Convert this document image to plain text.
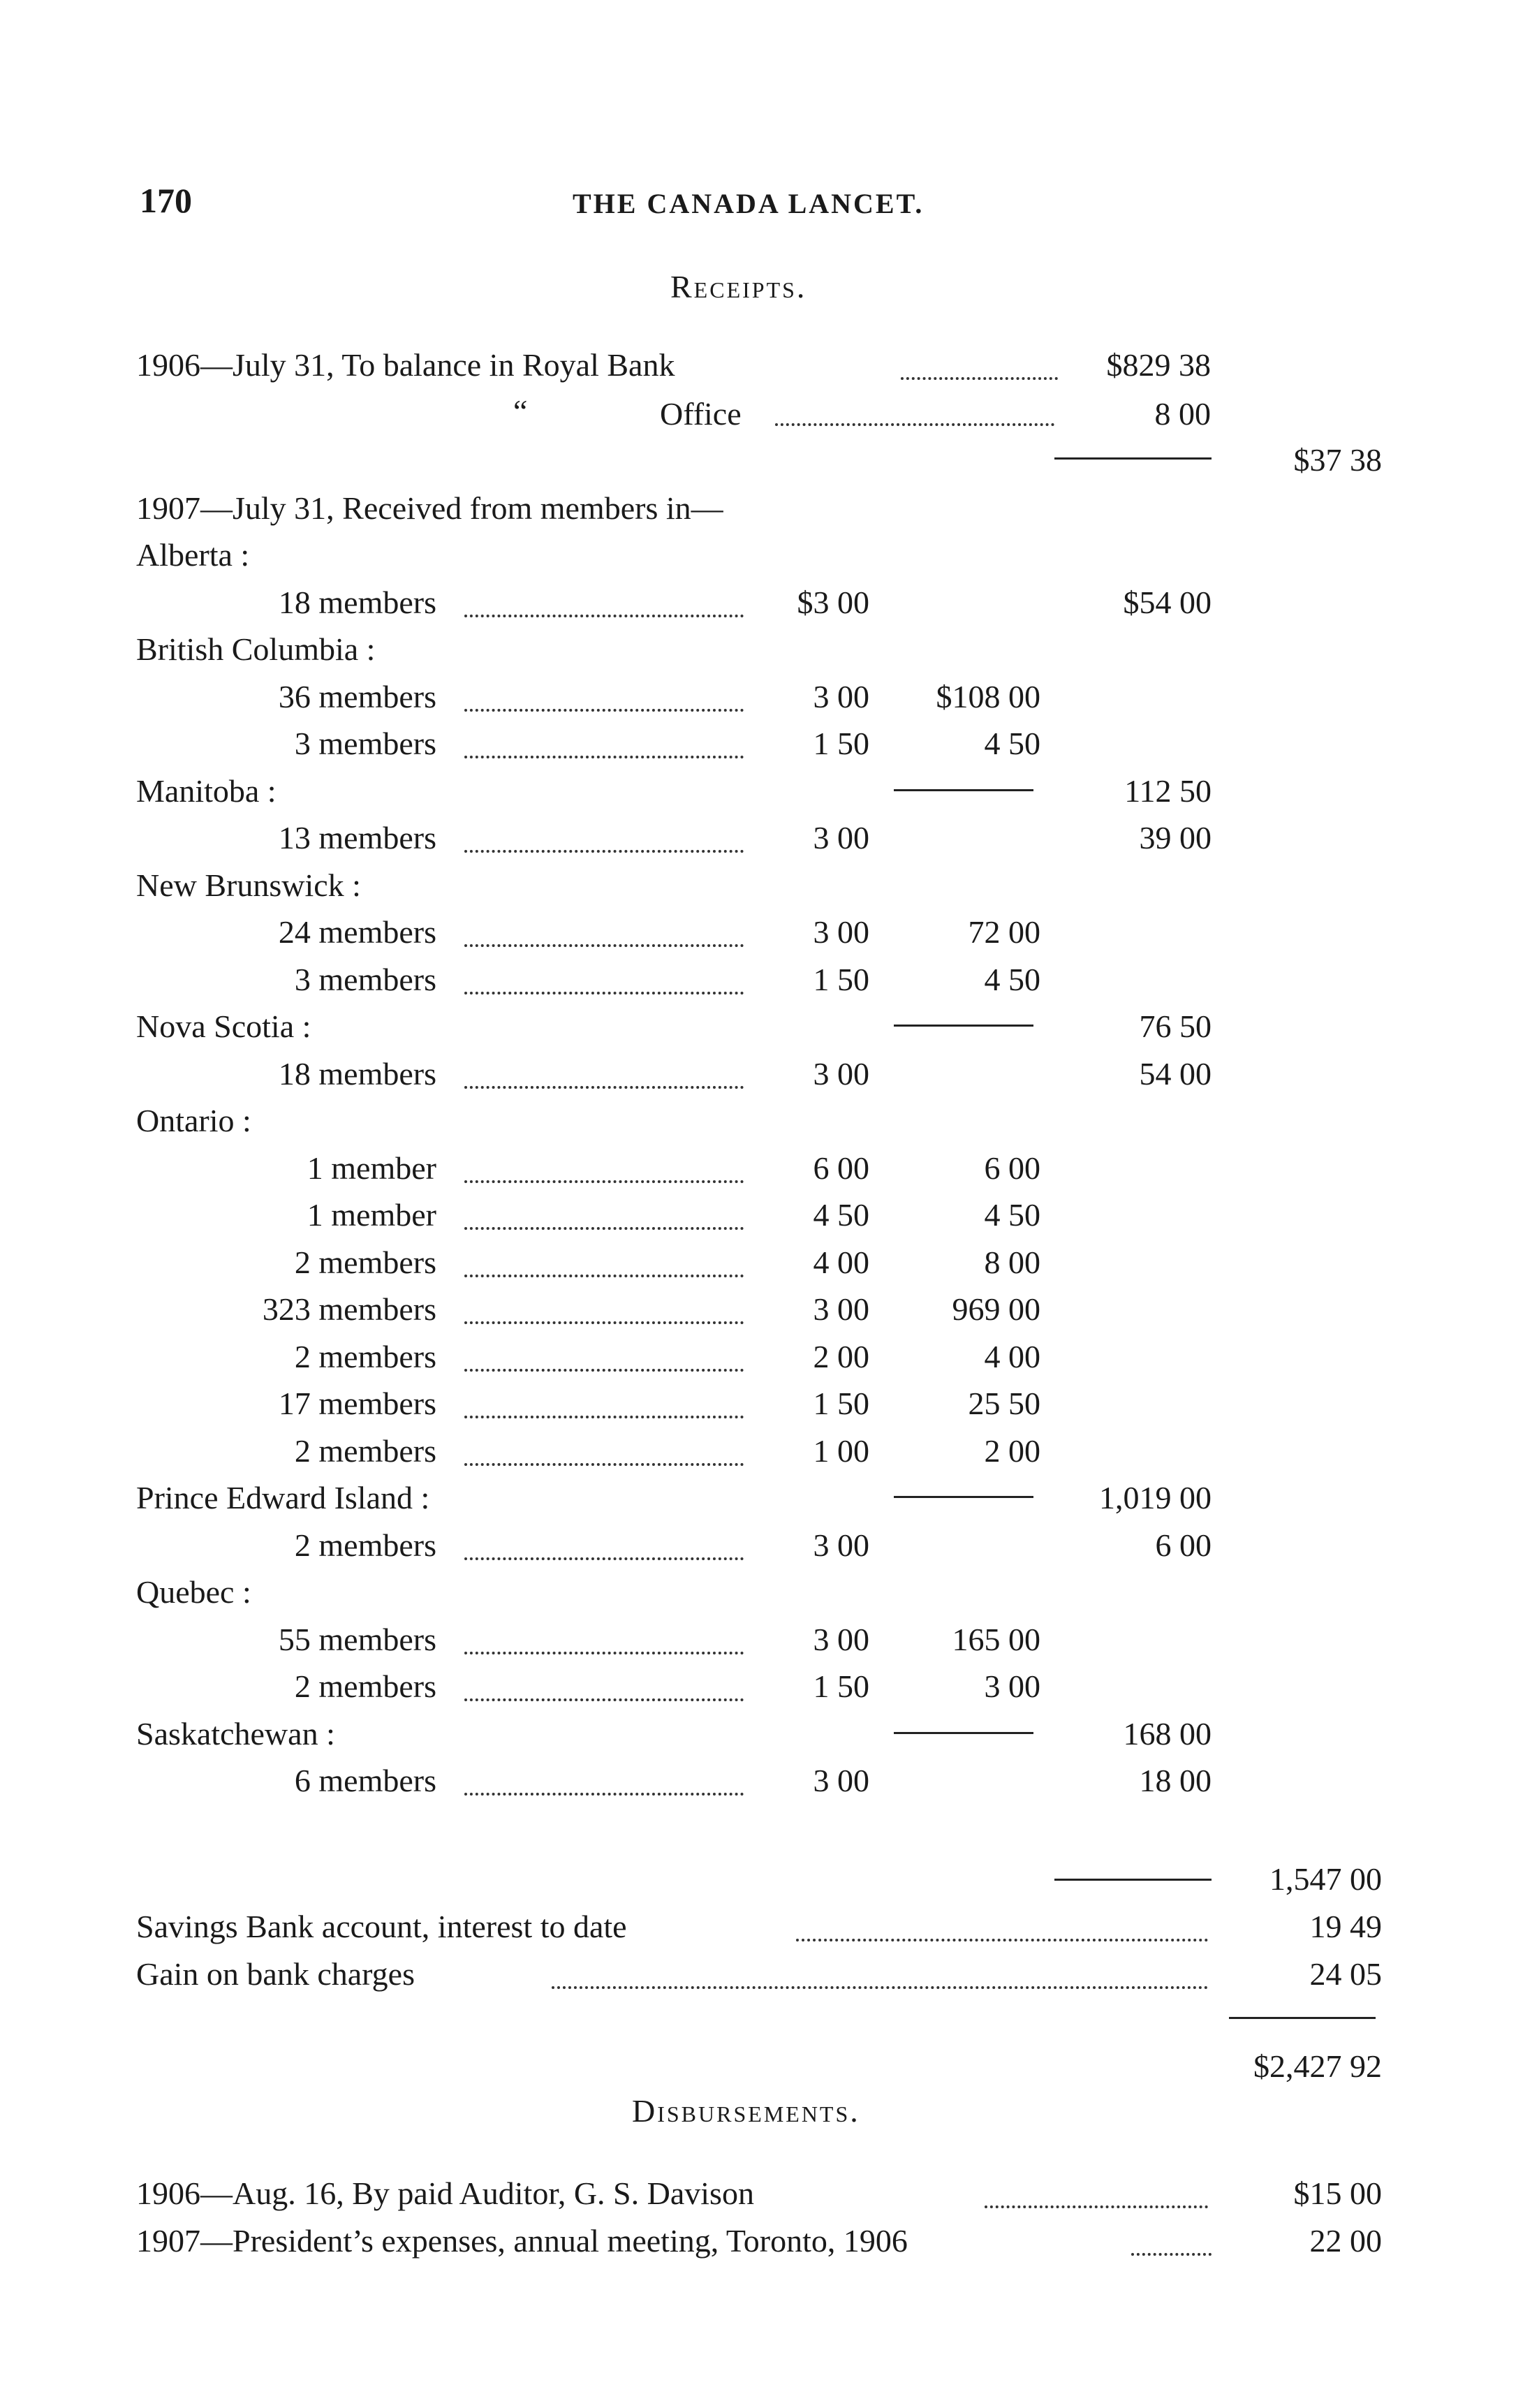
170	THE CANADA LANCET.
Receipts.
1906—July 31, To balance in Royal Bank	$829 38
“	Office	8 00
$37 38
1907—July 31, Received from members in—
Alberta :
18 members	$3 00	$54 00
British Columbia :
36 members	3 00 $108 00
3 members	1 50	4 50
Manitoba :	112 50
13 members	3 00	39 00
New Brunswick :
24 members	3 00	72 00
3 members	1 50	4 50
Nova Scotia :	76 50
18 members	3 00	54 00
Ontario :
1 member	6 00	6 00
1 member	4 50	4 50
2 members	4 00	8 00
323 members	3 00	969 00
2 members	2 00	4 00
17 members	1 50	25 50
2 members	1 00	2 00
Prince Edward Island :	1,019 00
2 members	3 00	6 00
Quebec :
55 members	3 00	165 00
2 members	1 50	3 00
Saskatchewan :	168 00
6 members	3 00	18 00
1,547 00
Savings Bank account, interest to date	19 49
Gain on bank charges	24 05
$2,427 92
Disbursements.
1906—Aug. 16, By paid Auditor, G. S. Davison	$15 00
1907—President’s expenses, annual meeting, Toronto, 1906	22 00
